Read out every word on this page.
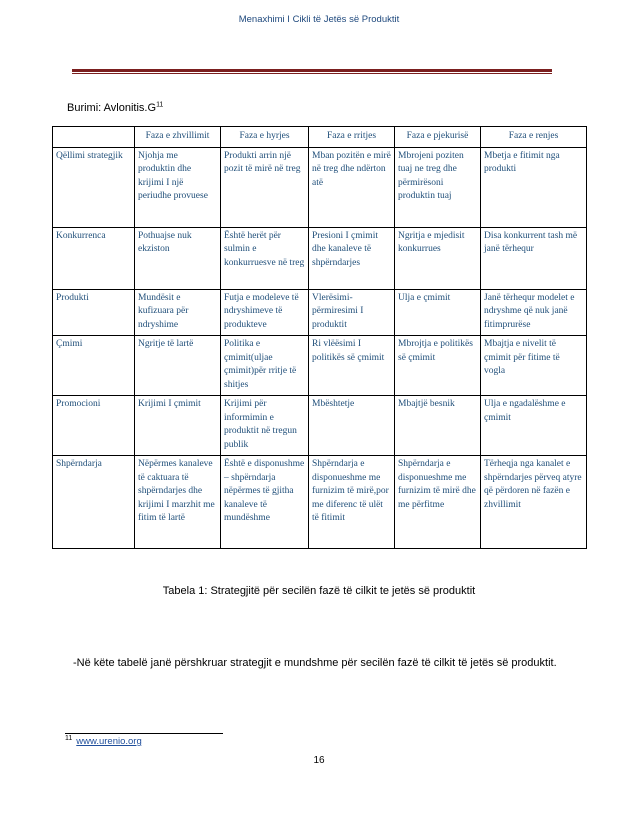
Menaxhimi I Cikli të Jetës së Produktit
Burimi: $Avlonitis.G^{11}$
	Faza e zhvillimit	Faza e hyrjes	Faza e rritjes	Faza e pjekurisë	Faza e renjes
Qëllimi strategjik	Njohja me produktin dhe krijimi I një periudhe provuese	Produkti arrin një pozit të mirë në treg	Mban pozitën e mirë në treg dhe ndërton atë	Mbrojeni poziten tuaj ne treg dhe përmirësoni produktin tuaj	Mbetja e fitimit nga produkti
Konkurrenca	Pothuajse nuk ekziston	Është herët për sulmin e konkurruesve në treg	Presioni I çmimit dhe kanaleve të shpërndarjes	Ngritja e mjedisit konkurrues	Disa konkurrent tash më janë tërhequr
Produkti	Mundësit e kufizuara për ndryshime	Futja e modeleve të ndryshimeve të produkteve	Vlerësimi-përmiresimi I produktit	Ulja e çmimit	Janë tërhequr modelet e ndryshme që nuk janë fitimprurëse
Çmimi	Ngritje të lartë	Politika e çmimit(uljae çmimit)për rritje të shitjes	Ri vlëësimi I politikës së çmimit	Mbrojtja e politikës së çmimit	Mbajtja e nivelit të çmimit për fitime të vogla
Promocioni	Krijimi I çmimit	Krijimi për informimin e produktit në tregun publik	Mbështetje	Mbajtjë besnik	Ulja e ngadalëshme e çmimit
Shpërndarja	Nëpërmes kanaleve të caktuara të shpërndarjes dhe krijimi I marzhit me fitim të lartë	Është e disponushme – shpërndarja nëpërmes të gjitha kanaleve të mundëshme	Shpërndarja e disponueshme me furnizim të mirë,por me diferenc të ulët të fitimit	Shpërndarja e disponueshme me furnizim të mirë dhe me përfitme	Tërheqja nga kanalet e shpërndarjes përveq atyre që përdoren në fazën e zhvillimit
Tabela 1: Strategjitë për secilën fazë të cilkit te jetës së produktit
-Në këte tabelë janë përshkruar strategjit e mundshme për secilën fazë të cilkit të jetës së produktit.
$^{11}$ www.urenio.org
16
